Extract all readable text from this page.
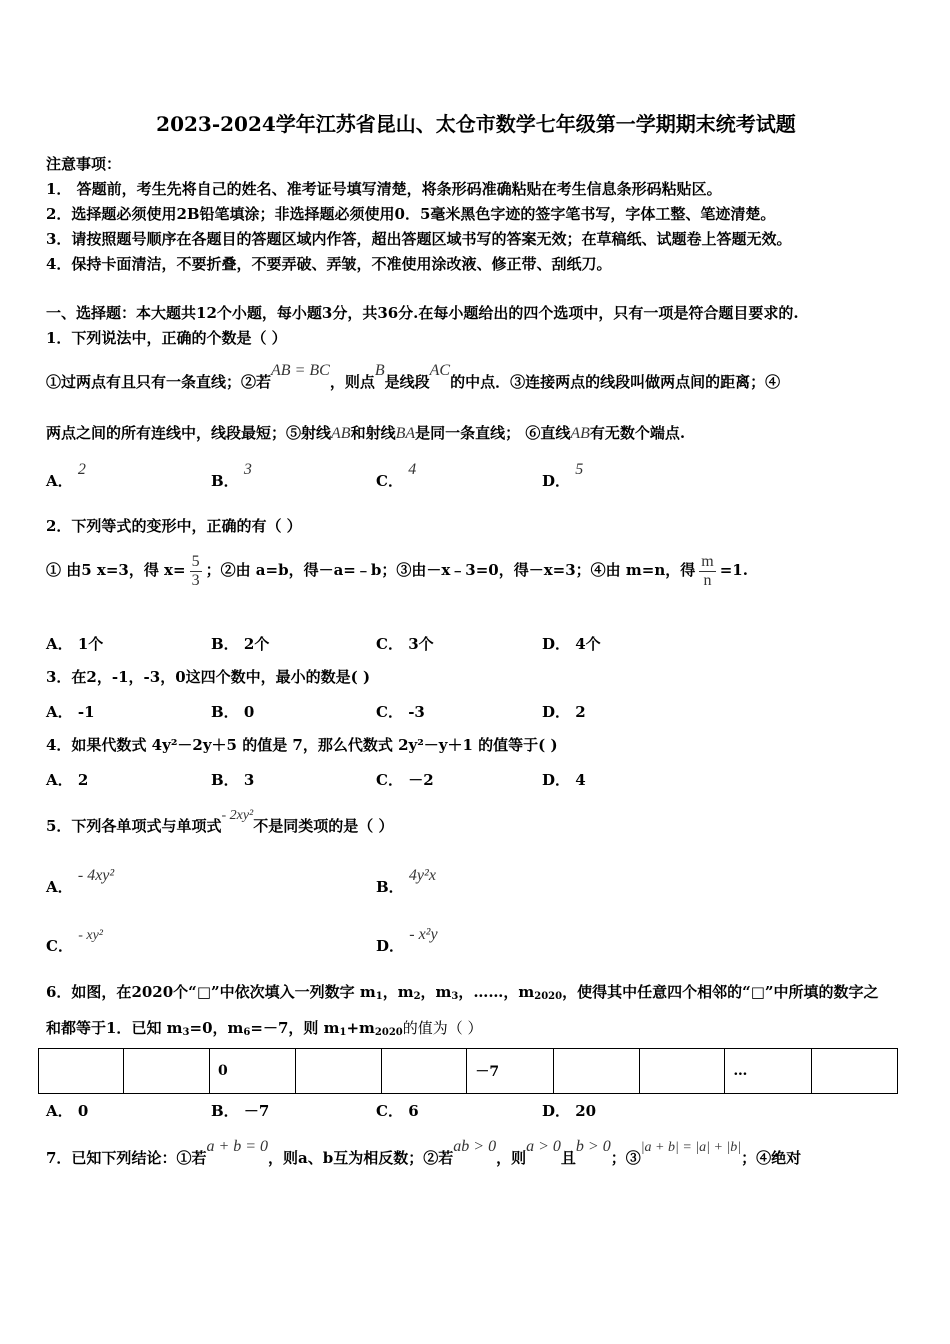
2023-2024学年江苏省昆山、太仓市数学七年级第一学期期末统考试题
注意事项：
1． 答题前，考生先将自己的姓名、准考证号填写清楚，将条形码准确粘贴在考生信息条形码粘贴区。
2．选择题必须使用2B铅笔填涂；非选择题必须使用0．5毫米黑色字迹的签字笔书写，字体工整、笔迹清楚。
3．请按照题号顺序在各题目的答题区域内作答，超出答题区域书写的答案无效；在草稿纸、试题卷上答题无效。
4．保持卡面清洁，不要折叠，不要弄破、弄皱，不准使用涂改液、修正带、刮纸刀。
一、选择题：本大题共12个小题，每小题3分，共36分.在每小题给出的四个选项中，只有一项是符合题目要求的.
1．下列说法中，正确的个数是（ ）
①过两点有且只有一条直线；②若AB = BC，则点B是线段AC的中点．③连接两点的线段叫做两点间的距离；④
两点之间的所有连线中，线段最短；⑤射线AB和射线BA是同一条直线； ⑥直线AB有无数个端点.
A． 2
B． 3
C． 4
D． 5
2．下列等式的变形中，正确的有（ ）
① 由5 x=3，得 $x= \frac{5}{3}$ ；②由 a=b，得－a=﹣b；③由－x﹣3=0，得－x=3；④由 m=n，得 $\frac{m}{n} =1$.
A． 1个	B． 2个	C． 3个	D． 4个
3．在2，-1，-3，0这四个数中，最小的数是( )
A． -1	B． 0	C． -3	D． 2
4．如果代数式 4y²－2y＋5 的值是 7，那么代数式 2y²－y＋1 的值等于( )
A． 2	B． 3	C． －2	D． 4
5．下列各单项式与单项式- 2xy²不是同类项的是（ ）
A． - 4xy²
B． 4y²x
C． - xy²
D． - x²y
6．如图，在2020个“□”中依次填入一列数字 $m_1$，$m_2$，$m_3$，……，$m_{2020}$，使得其中任意四个相邻的“□”中所填的数字之
和都等于1．已知 $m_3=0$，$m_6=-7$，则 $m_1+m_{2020}$的值为（ ）
		0			－7			…	
A． 0	B． －7	C． 6	D． 20
7．已知下列结论：①若a + b = 0，则a、b互为相反数；②若ab > 0，则a > 0且b > 0；③|a + b| = |a| + |b|；④绝对
